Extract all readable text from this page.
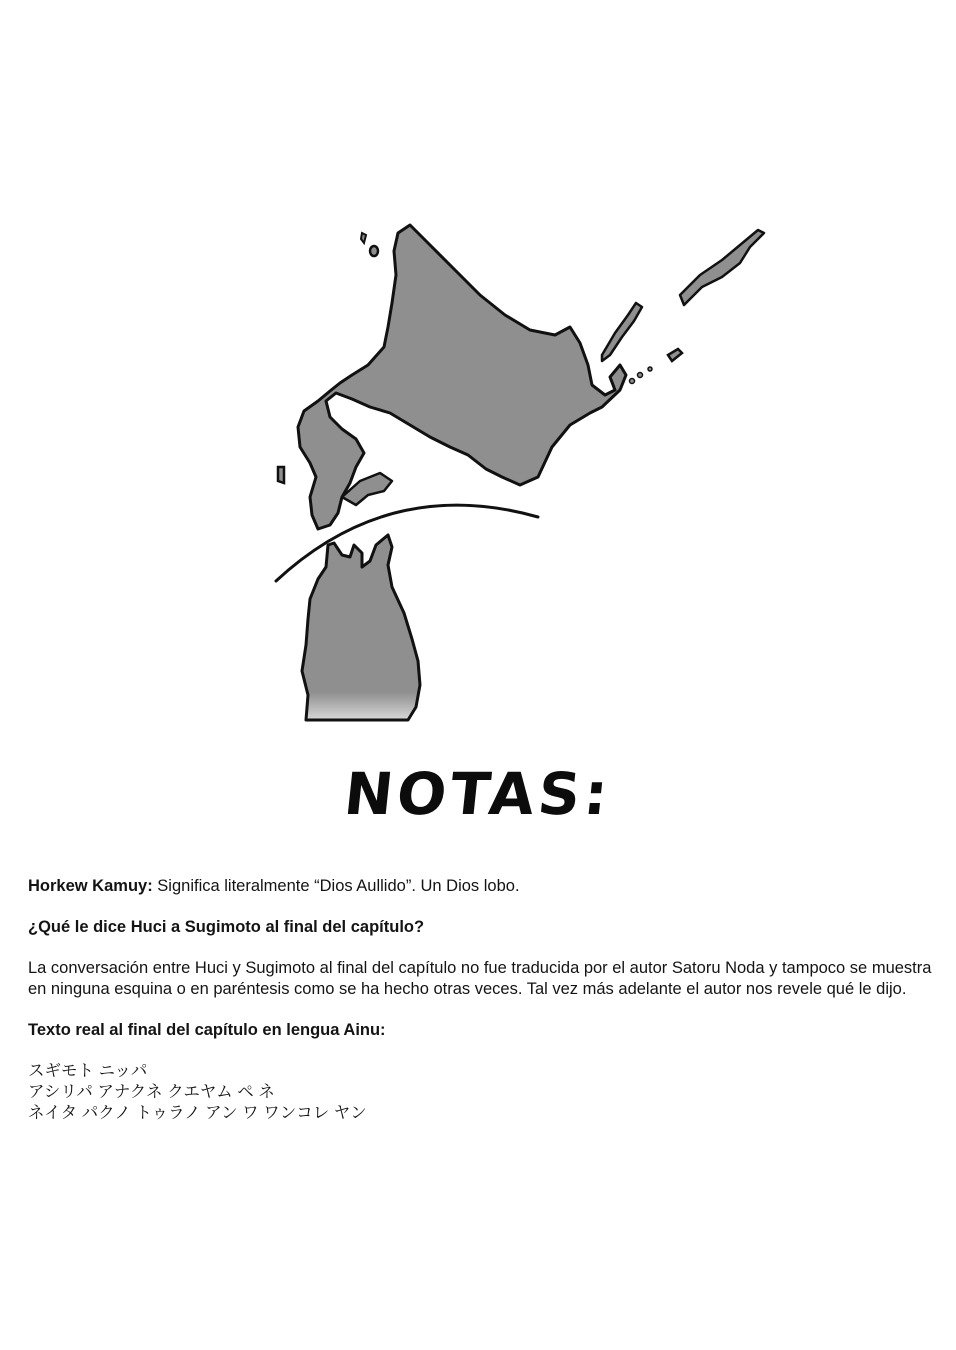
NOTAS:

Horkew Kamuy: Significa literalmente “Dios Aullido”. Un Dios lobo.

¿Qué le dice Huci a Sugimoto al final del capítulo?

La conversación entre Huci y Sugimoto al final del capítulo no fue traducida por el autor Satoru Noda y tampoco se muestra en ninguna esquina o en paréntesis como se ha hecho otras veces. Tal vez más adelante el autor nos revele qué le dijo.

Texto real al final del capítulo en lengua Ainu:

スギモト ニッパ
アシリパ アナクネ クエヤム ペ ネ
ネイタ パクノ トゥラノ アン ワ ワンコレ ヤン
